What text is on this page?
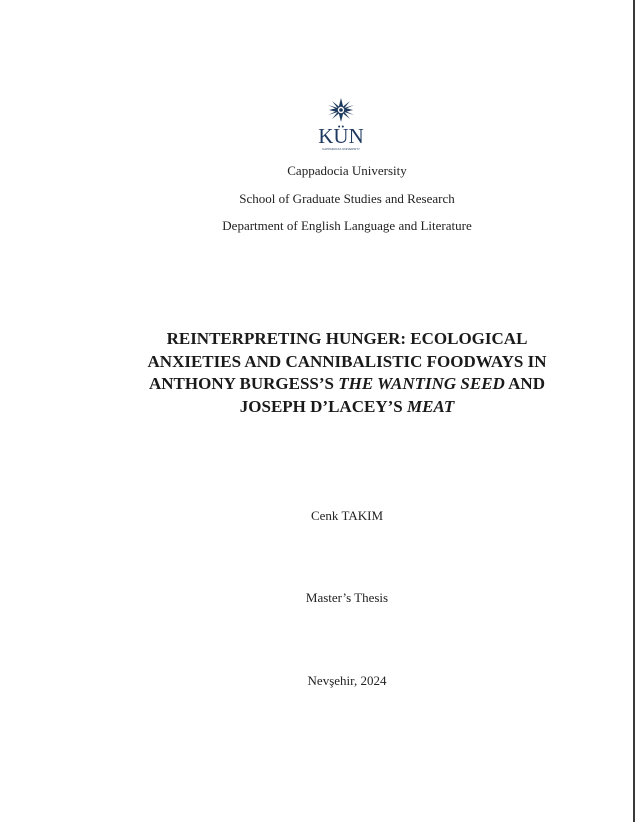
KÜN
CAPPADOCIA UNIVERSITY
Cappadocia University
School of Graduate Studies and Research
Department of English Language and Literature
REINTERPRETING HUNGER: ECOLOGICAL
ANXIETIES AND CANNIBALISTIC FOODWAYS IN
ANTHONY BURGESS’S THE WANTING SEED AND
JOSEPH D’LACEY’S MEAT
Cenk TAKIM
Master’s Thesis
Nevşehir, 2024
